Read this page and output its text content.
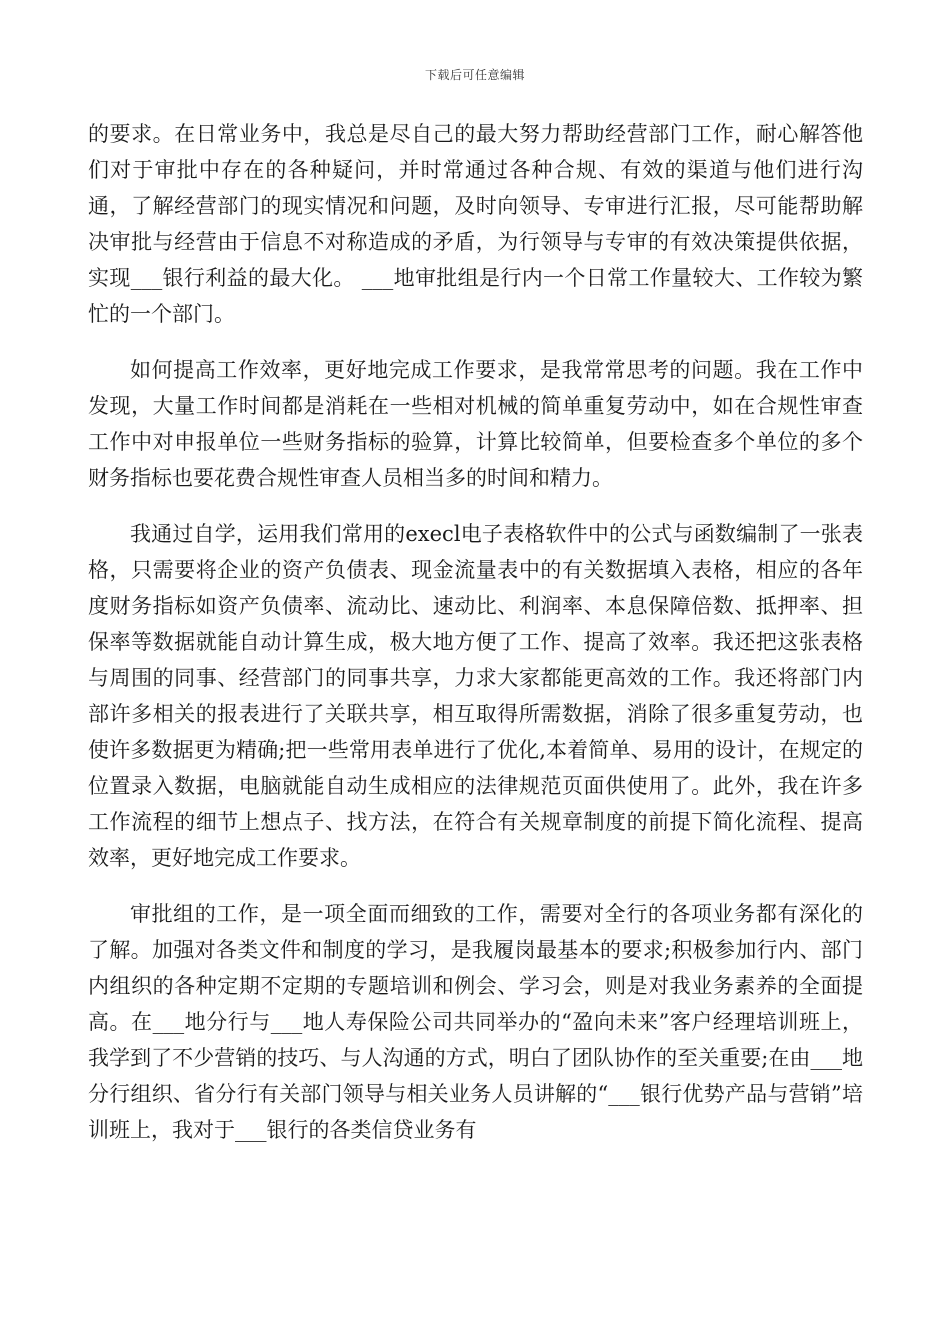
下载后可任意编辑

的要求。在日常业务中，我总是尽自己的最大努力帮助经营部门工作，耐心解答他们对于审批中存在的各种疑问，并时常通过各种合规、有效的渠道与他们进行沟通，了解经营部门的现实情况和问题，及时向领导、专审进行汇报，尽可能帮助解决审批与经营由于信息不对称造成的矛盾，为行领导与专审的有效决策提供依据，实现___银行利益的最大化。 ___地审批组是行内一个日常工作量较大、工作较为繁忙的一个部门。

如何提高工作效率，更好地完成工作要求，是我常常思考的问题。我在工作中发现，大量工作时间都是消耗在一些相对机械的简单重复劳动中，如在合规性审查工作中对申报单位一些财务指标的验算，计算比较简单，但要检查多个单位的多个财务指标也要花费合规性审查人员相当多的时间和精力。

我通过自学，运用我们常用的execl电子表格软件中的公式与函数编制了一张表格，只需要将企业的资产负债表、现金流量表中的有关数据填入表格，相应的各年度财务指标如资产负债率、流动比、速动比、利润率、本息保障倍数、抵押率、担保率等数据就能自动计算生成，极大地方便了工作、提高了效率。我还把这张表格与周围的同事、经营部门的同事共享，力求大家都能更高效的工作。我还将部门内部许多相关的报表进行了关联共享，相互取得所需数据，消除了很多重复劳动，也使许多数据更为精确;把一些常用表单进行了优化,本着简单、易用的设计，在规定的位置录入数据，电脑就能自动生成相应的法律规范页面供使用了。此外，我在许多工作流程的细节上想点子、找方法，在符合有关规章制度的前提下简化流程、提高效率，更好地完成工作要求。

审批组的工作，是一项全面而细致的工作，需要对全行的各项业务都有深化的了解。加强对各类文件和制度的学习，是我履岗最基本的要求;积极参加行内、部门内组织的各种定期不定期的专题培训和例会、学习会，则是对我业务素养的全面提高。在___地分行与___地人寿保险公司共同举办的“盈向未来”客户经理培训班上，我学到了不少营销的技巧、与人沟通的方式，明白了团队协作的至关重要;在由___地分行组织、省分行有关部门领导与相关业务人员讲解的“___银行优势产品与营销”培训班上，我对于___银行的各类信贷业务有
